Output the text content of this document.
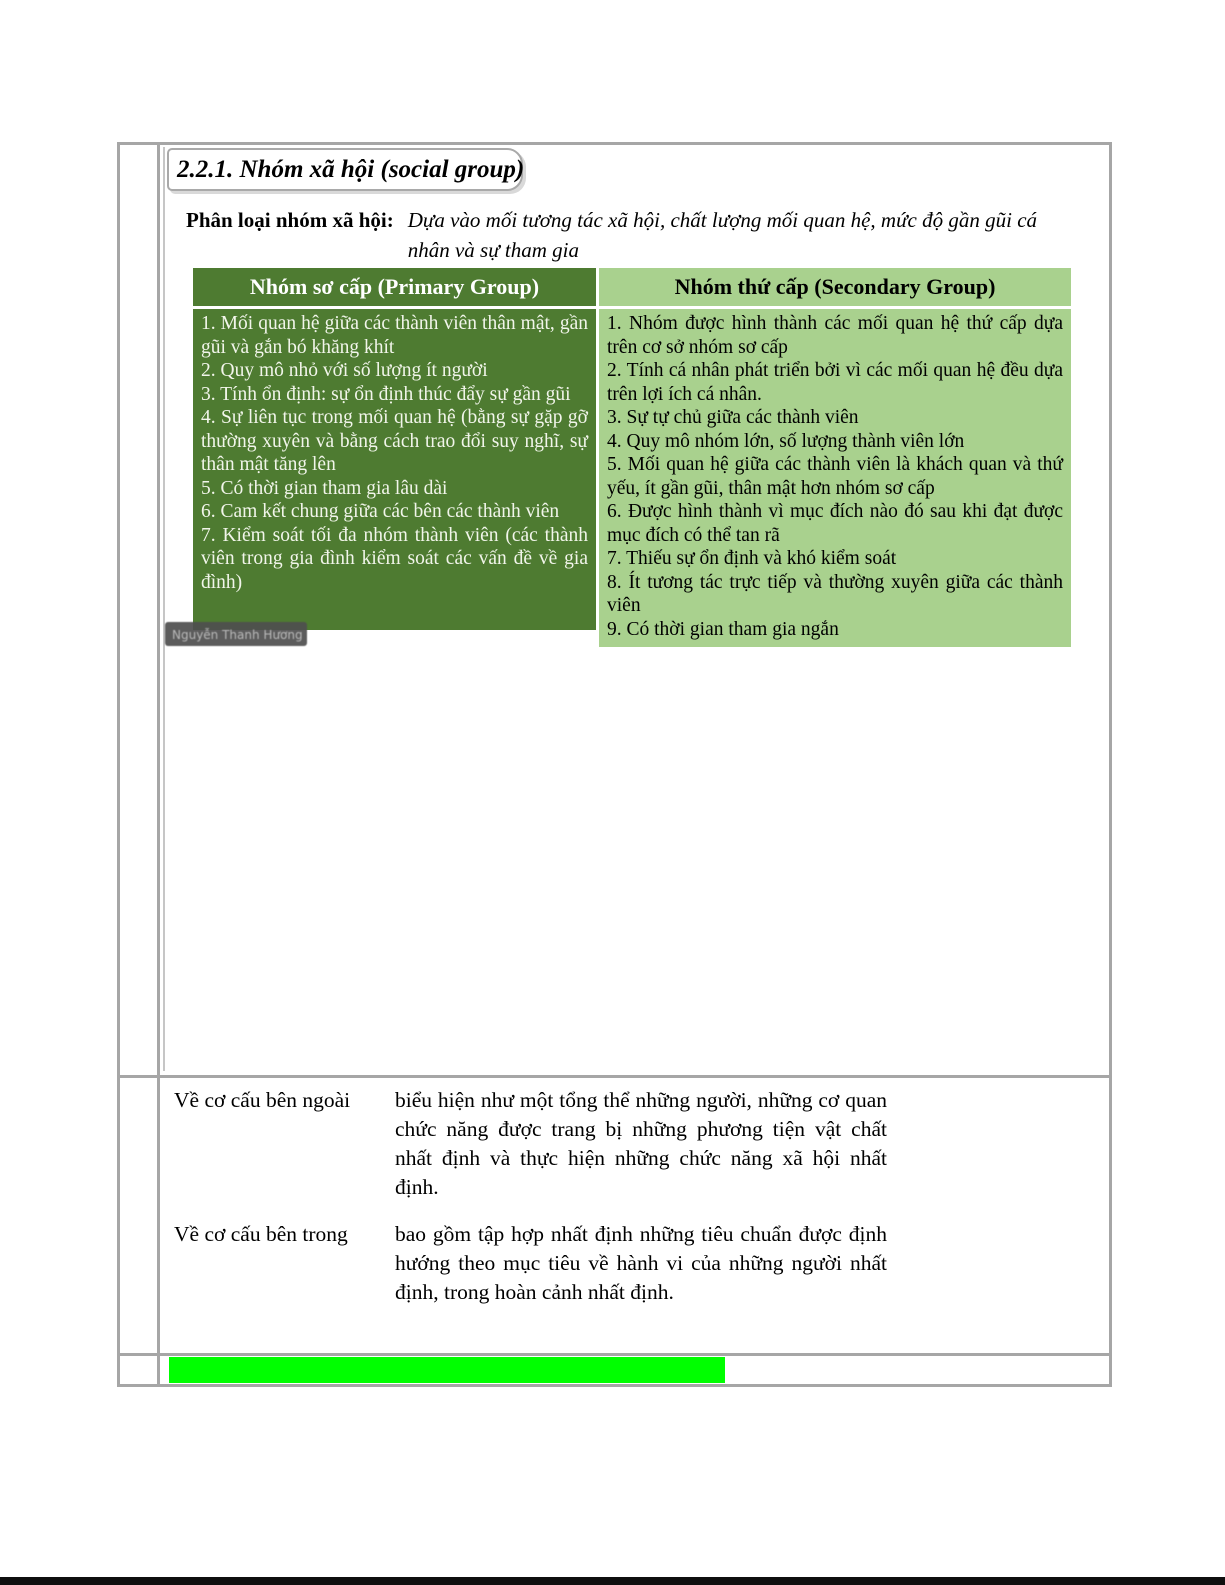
2.2.1. Nhóm xã hội (social group)
Phân loại nhóm xã hội: Dựa vào mối tương tác xã hội, chất lượng mối quan hệ, mức độ gần gũi cá nhân và sự tham gia
Nhóm sơ cấp (Primary Group)
1. Mối quan hệ giữa các thành viên thân mật, gần gũi và gắn bó khăng khít
2. Quy mô nhỏ với số lượng ít người
3. Tính ổn định: sự ổn định thúc đẩy sự gần gũi
4. Sự liên tục trong mối quan hệ (bằng sự gặp gỡ thường xuyên và bằng cách trao đổi suy nghĩ, sự thân mật tăng lên
5. Có thời gian tham gia lâu dài
6. Cam kết chung giữa các bên các thành viên
7. Kiểm soát tối đa nhóm thành viên (các thành viên trong gia đình kiểm soát các vấn đề về gia đình)
Nhóm thứ cấp (Secondary Group)
1. Nhóm được hình thành các mối quan hệ thứ cấp dựa trên cơ sở nhóm sơ cấp
2. Tính cá nhân phát triển bởi vì các mối quan hệ đều dựa trên lợi ích cá nhân.
3. Sự tự chủ giữa các thành viên
4. Quy mô nhóm lớn, số lượng thành viên lớn
5. Mối quan hệ giữa các thành viên là khách quan và thứ yếu, ít gần gũi, thân mật hơn nhóm sơ cấp
6. Được hình thành vì mục đích nào đó sau khi đạt được mục đích có thể tan rã
7. Thiếu sự ổn định và khó kiểm soát
8. Ít tương tác trực tiếp và thường xuyên giữa các thành viên
9. Có thời gian tham gia ngắn
Nguyễn Thanh Hương
Về cơ cấu bên ngoài	biểu hiện như một tổng thể những người, những cơ quan chức năng được trang bị những phương tiện vật chất nhất định và thực hiện những chức năng xã hội nhất định.
Về cơ cấu bên trong	bao gồm tập hợp nhất định những tiêu chuẩn được định hướng theo mục tiêu về hành vi của những người nhất định, trong hoàn cảnh nhất định.
